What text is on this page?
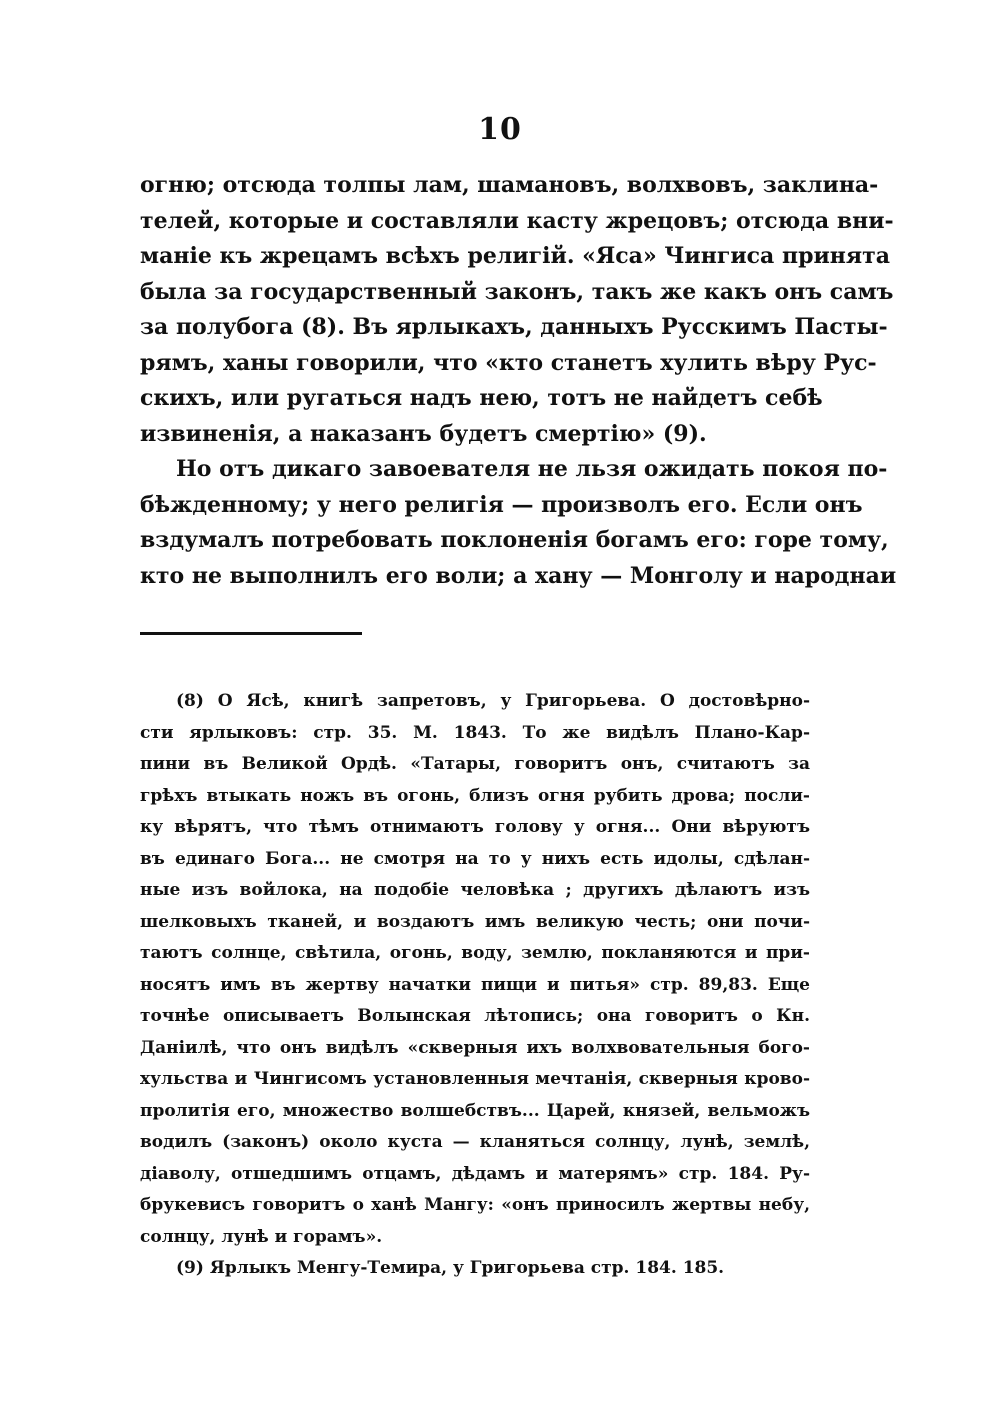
10
огню; отсюда толпы лам, шамановъ, волхвовъ, заклина-
телей, которые и составляли касту жрецовъ; отсюда вни-
маніе къ жрецамъ всѣхъ религій. «Яса» Чингиса принята
была за государственный законъ, такъ же какъ онъ самъ
за полубога (8). Въ ярлыкахъ, данныхъ Русскимъ Пасты-
рямъ, ханы говорили, что «кто станетъ хулить вѣру Рус-
скихъ, или ругаться надъ нею, тотъ не найдетъ себѣ
извиненія, а наказанъ будетъ смертію» (9).
Но отъ дикаго завоевателя не льзя ожидать покоя по-
бѣжденному; у него религія — произволъ его. Если онъ
вздумалъ потребовать поклоненія богамъ его: горе тому,
кто не выполнилъ его воли; а хану — Монголу и народнаи
(8) О Ясѣ, книгѣ запретовъ, у Григорьева. О достовѣрно-
сти ярлыковъ: стр. 35. М. 1843. То же видѣлъ Плано-Кар-
пини въ Великой Ордѣ. «Татары, говоритъ онъ, считаютъ за
грѣхъ втыкать ножъ въ огонь, близъ огня рубить дрова; посли-
ку вѣрятъ, что тѣмъ отнимаютъ голову у огня... Они вѣруютъ
въ единаго Бога... не смотря на то у нихъ есть идолы, сдѣлан-
ные изъ войлока, на подобіе человѣка ; другихъ дѣлаютъ изъ
шелковыхъ тканей, и воздаютъ имъ великую честь; они почи-
таютъ солнце, свѣтила, огонь, воду, землю, покланяются и при-
носятъ имъ въ жертву начатки пищи и питья» стр. 89,83. Еще
точнѣе описываетъ Волынская лѣтопись; она говоритъ о Кн.
Даніилѣ, что онъ видѣлъ «скверныя ихъ волхвовательныя бого-
хульства и Чингисомъ установленныя мечтанія, скверныя крово-
пролитія его, множество волшебствъ... Царей, князей, вельможъ
водилъ (законъ) около куста — кланяться солнцу, лунѣ, землѣ,
діаволу, отшедшимъ отцамъ, дѣдамъ и матерямъ» стр. 184. Ру-
брукевисъ говоритъ о ханѣ Мангу: «онъ приносилъ жертвы небу,
солнцу, лунѣ и горамъ».
(9) Ярлыкъ Менгу-Темира, у Григорьева стр. 184. 185.
